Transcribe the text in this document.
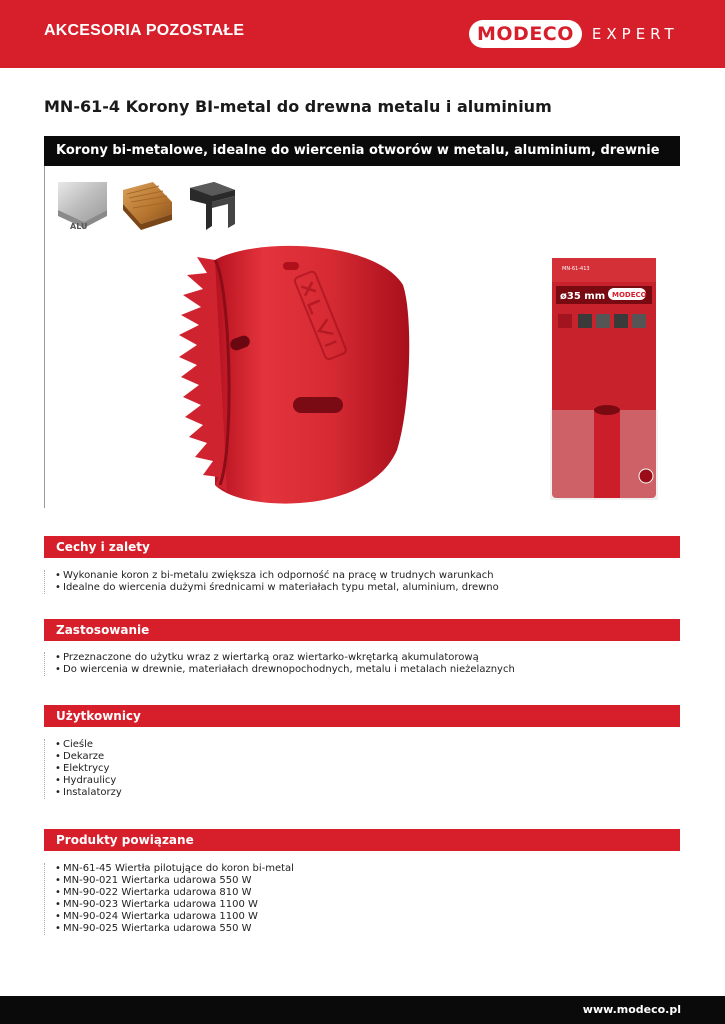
AKCESORIA POZOSTAŁE	MODECO	EXPERT
MN-61-4 Korony BI-metal do drewna metalu i aluminium
Korony bi-metalowe, idealne do wiercenia otworów w metalu, aluminium, drewnie
ALU
MN-61-413
ø35 mm MODECO
Cechy i zalety
• Wykonanie koron z bi-metalu zwiększa ich odporność na pracę w trudnych warunkach
• Idealne do wiercenia dużymi średnicami w materiałach typu metal, aluminium, drewno
Zastosowanie
• Przeznaczone do użytku wraz z wiertarką oraz wiertarko-wkrętarką akumulatorową
• Do wiercenia w drewnie, materiałach drewnopochodnych, metalu i metalach nieżelaznych
Użytkownicy
• Cieśle
• Dekarze
• Elektrycy
• Hydraulicy
• Instalatorzy
Produkty powiązane
• MN-61-45 Wiertła pilotujące do koron bi-metal
• MN-90-021 Wiertarka udarowa 550 W
• MN-90-022 Wiertarka udarowa 810 W
• MN-90-023 Wiertarka udarowa 1100 W
• MN-90-024 Wiertarka udarowa 1100 W
• MN-90-025 Wiertarka udarowa 550 W
www.modeco.pl
